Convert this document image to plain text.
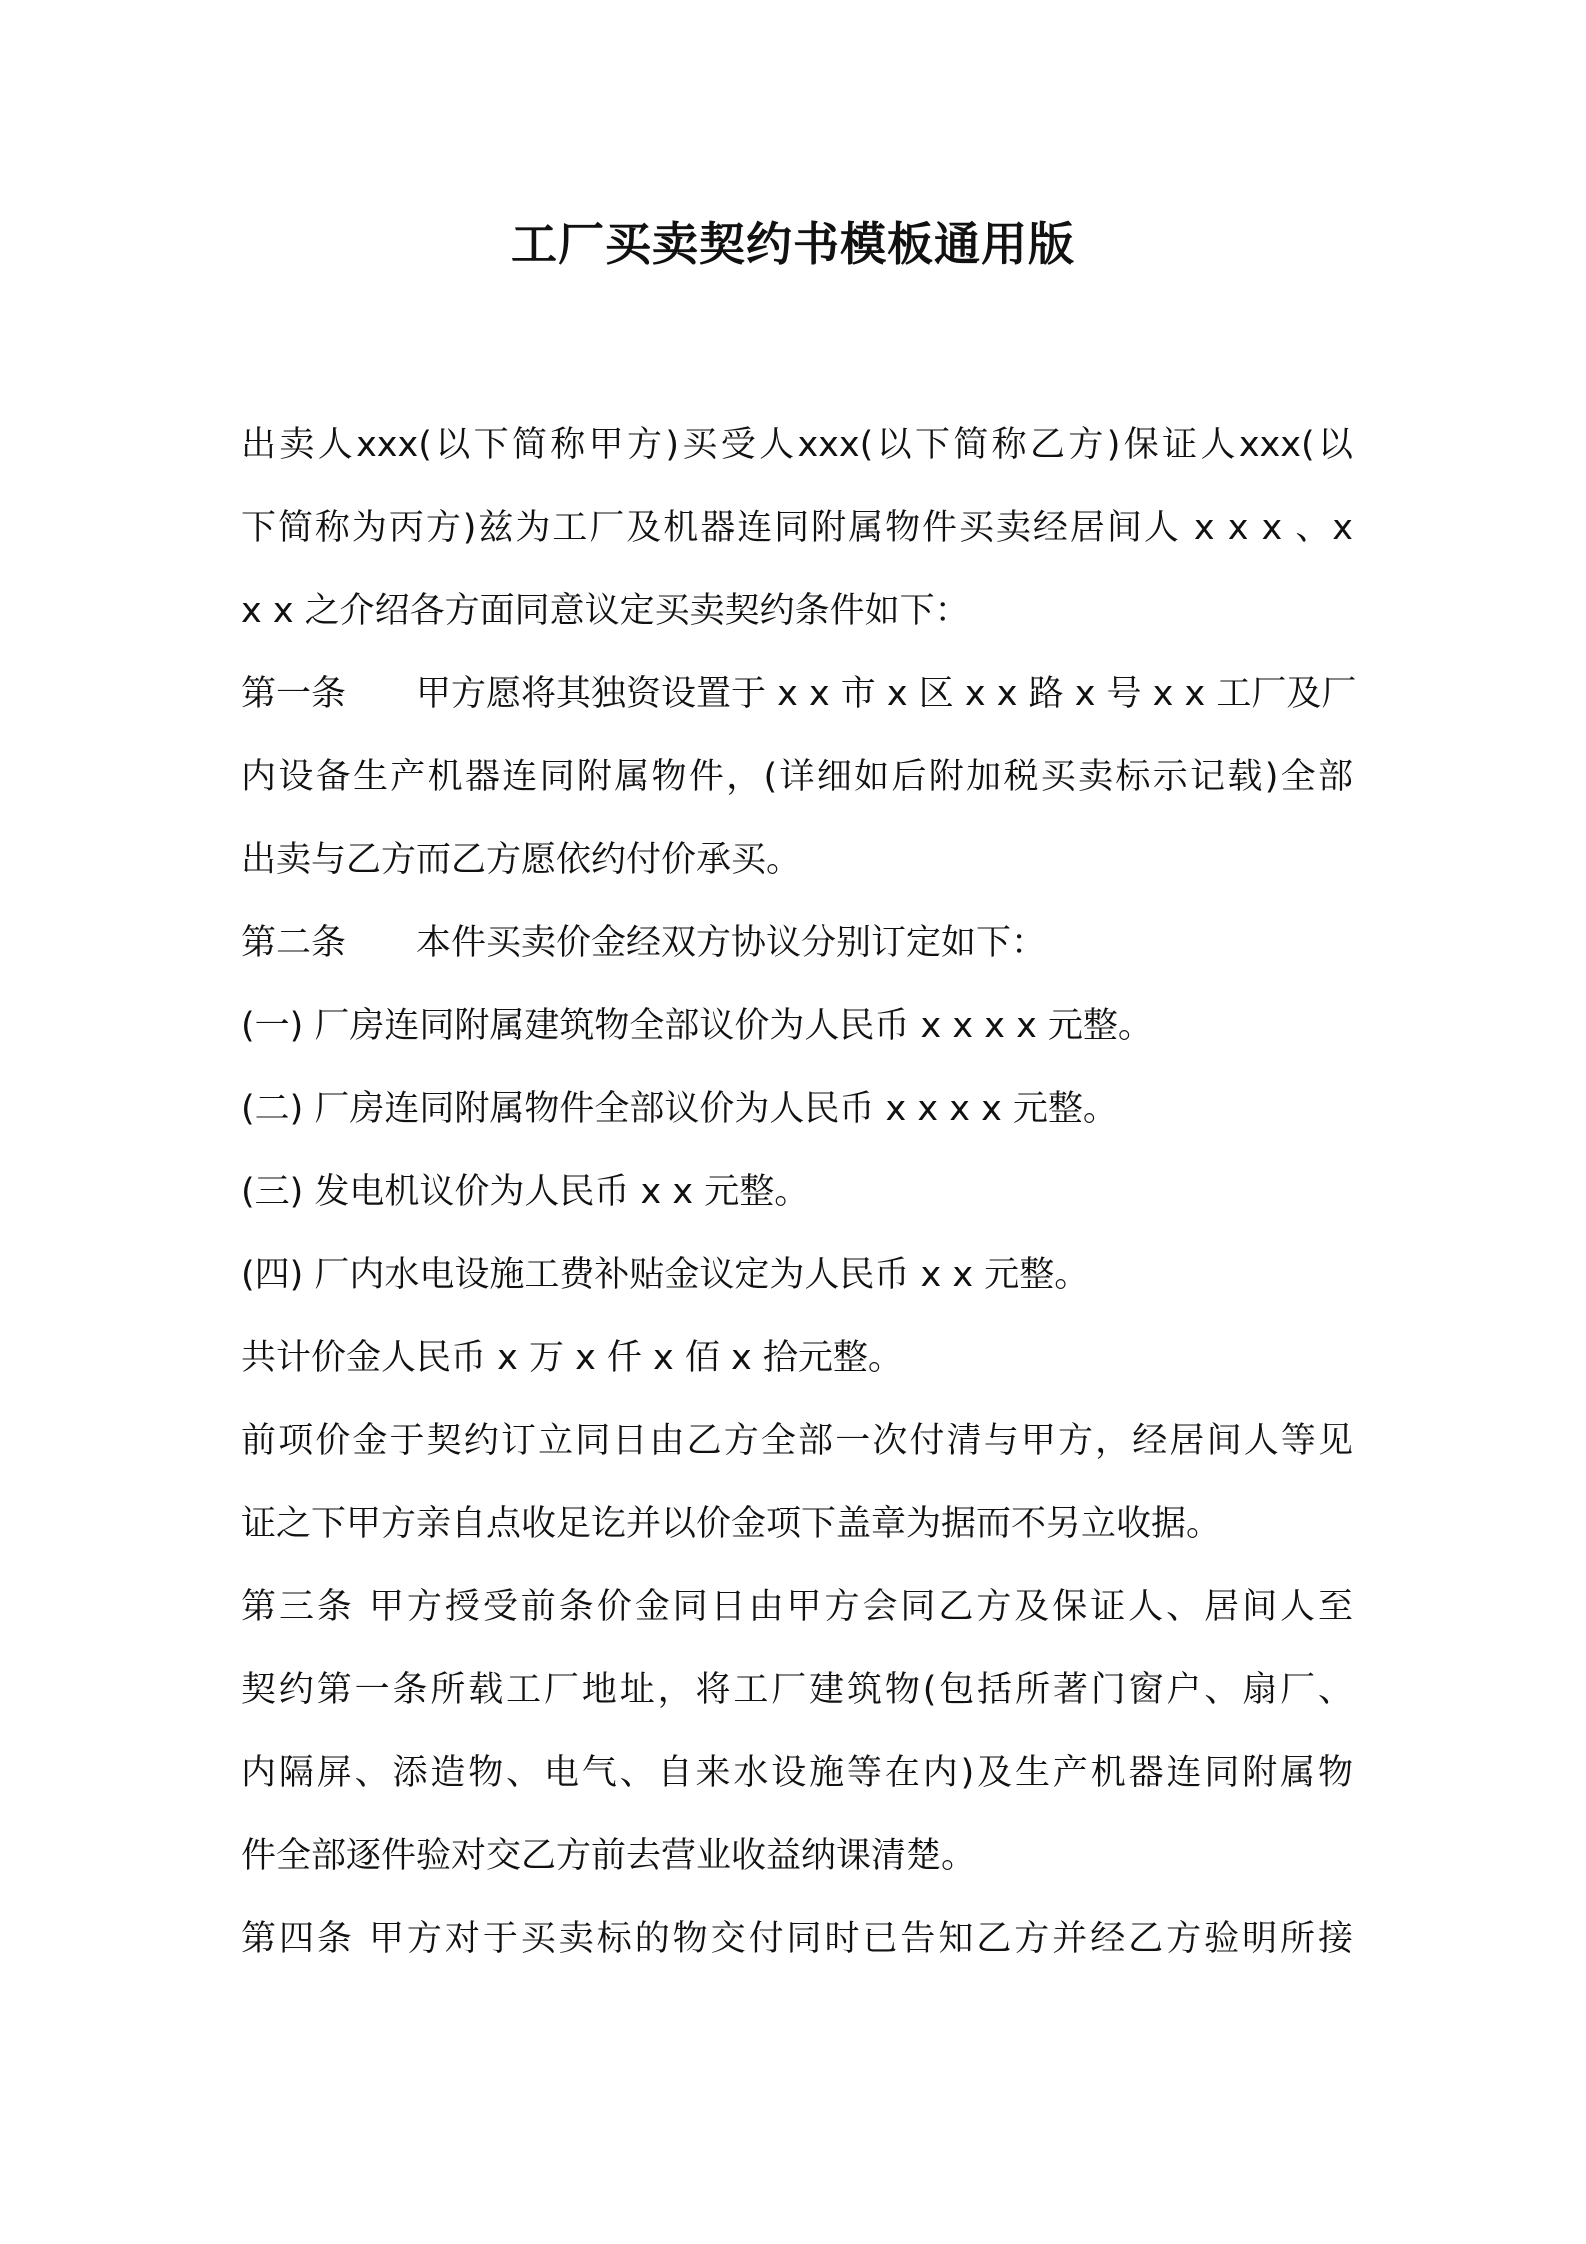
工厂买卖契约书模板通用版
出卖人xxx(以下简称甲方)买受人xxx(以下简称乙方)保证人xxx(以
下简称为丙方)兹为工厂及机器连同附属物件买卖经居间人 x x x 、x
x x 之介绍各方面同意议定买卖契约条件如下：
第一条　　甲方愿将其独资设置于 x x 市 x 区 x x 路 x 号 x x 工厂及厂
内设备生产机器连同附属物件，(详细如后附加税买卖标示记载)全部
出卖与乙方而乙方愿依约付价承买。
第二条　　本件买卖价金经双方协议分别订定如下：
(一) 厂房连同附属建筑物全部议价为人民币 x x x x 元整。
(二) 厂房连同附属物件全部议价为人民币 x x x x 元整。
(三) 发电机议价为人民币 x x 元整。
(四) 厂内水电设施工费补贴金议定为人民币 x x 元整。
共计价金人民币 x 万 x 仟 x 佰 x 拾元整。
前项价金于契约订立同日由乙方全部一次付清与甲方，经居间人等见
证之下甲方亲自点收足讫并以价金项下盖章为据而不另立收据。
第三条 甲方授受前条价金同日由甲方会同乙方及保证人、居间人至
契约第一条所载工厂地址，将工厂建筑物(包括所著门窗户、扇厂、
内隔屏、添造物、电气、自来水设施等在内)及生产机器连同附属物
件全部逐件验对交乙方前去营业收益纳课清楚。
第四条 甲方对于买卖标的物交付同时已告知乙方并经乙方验明所接
